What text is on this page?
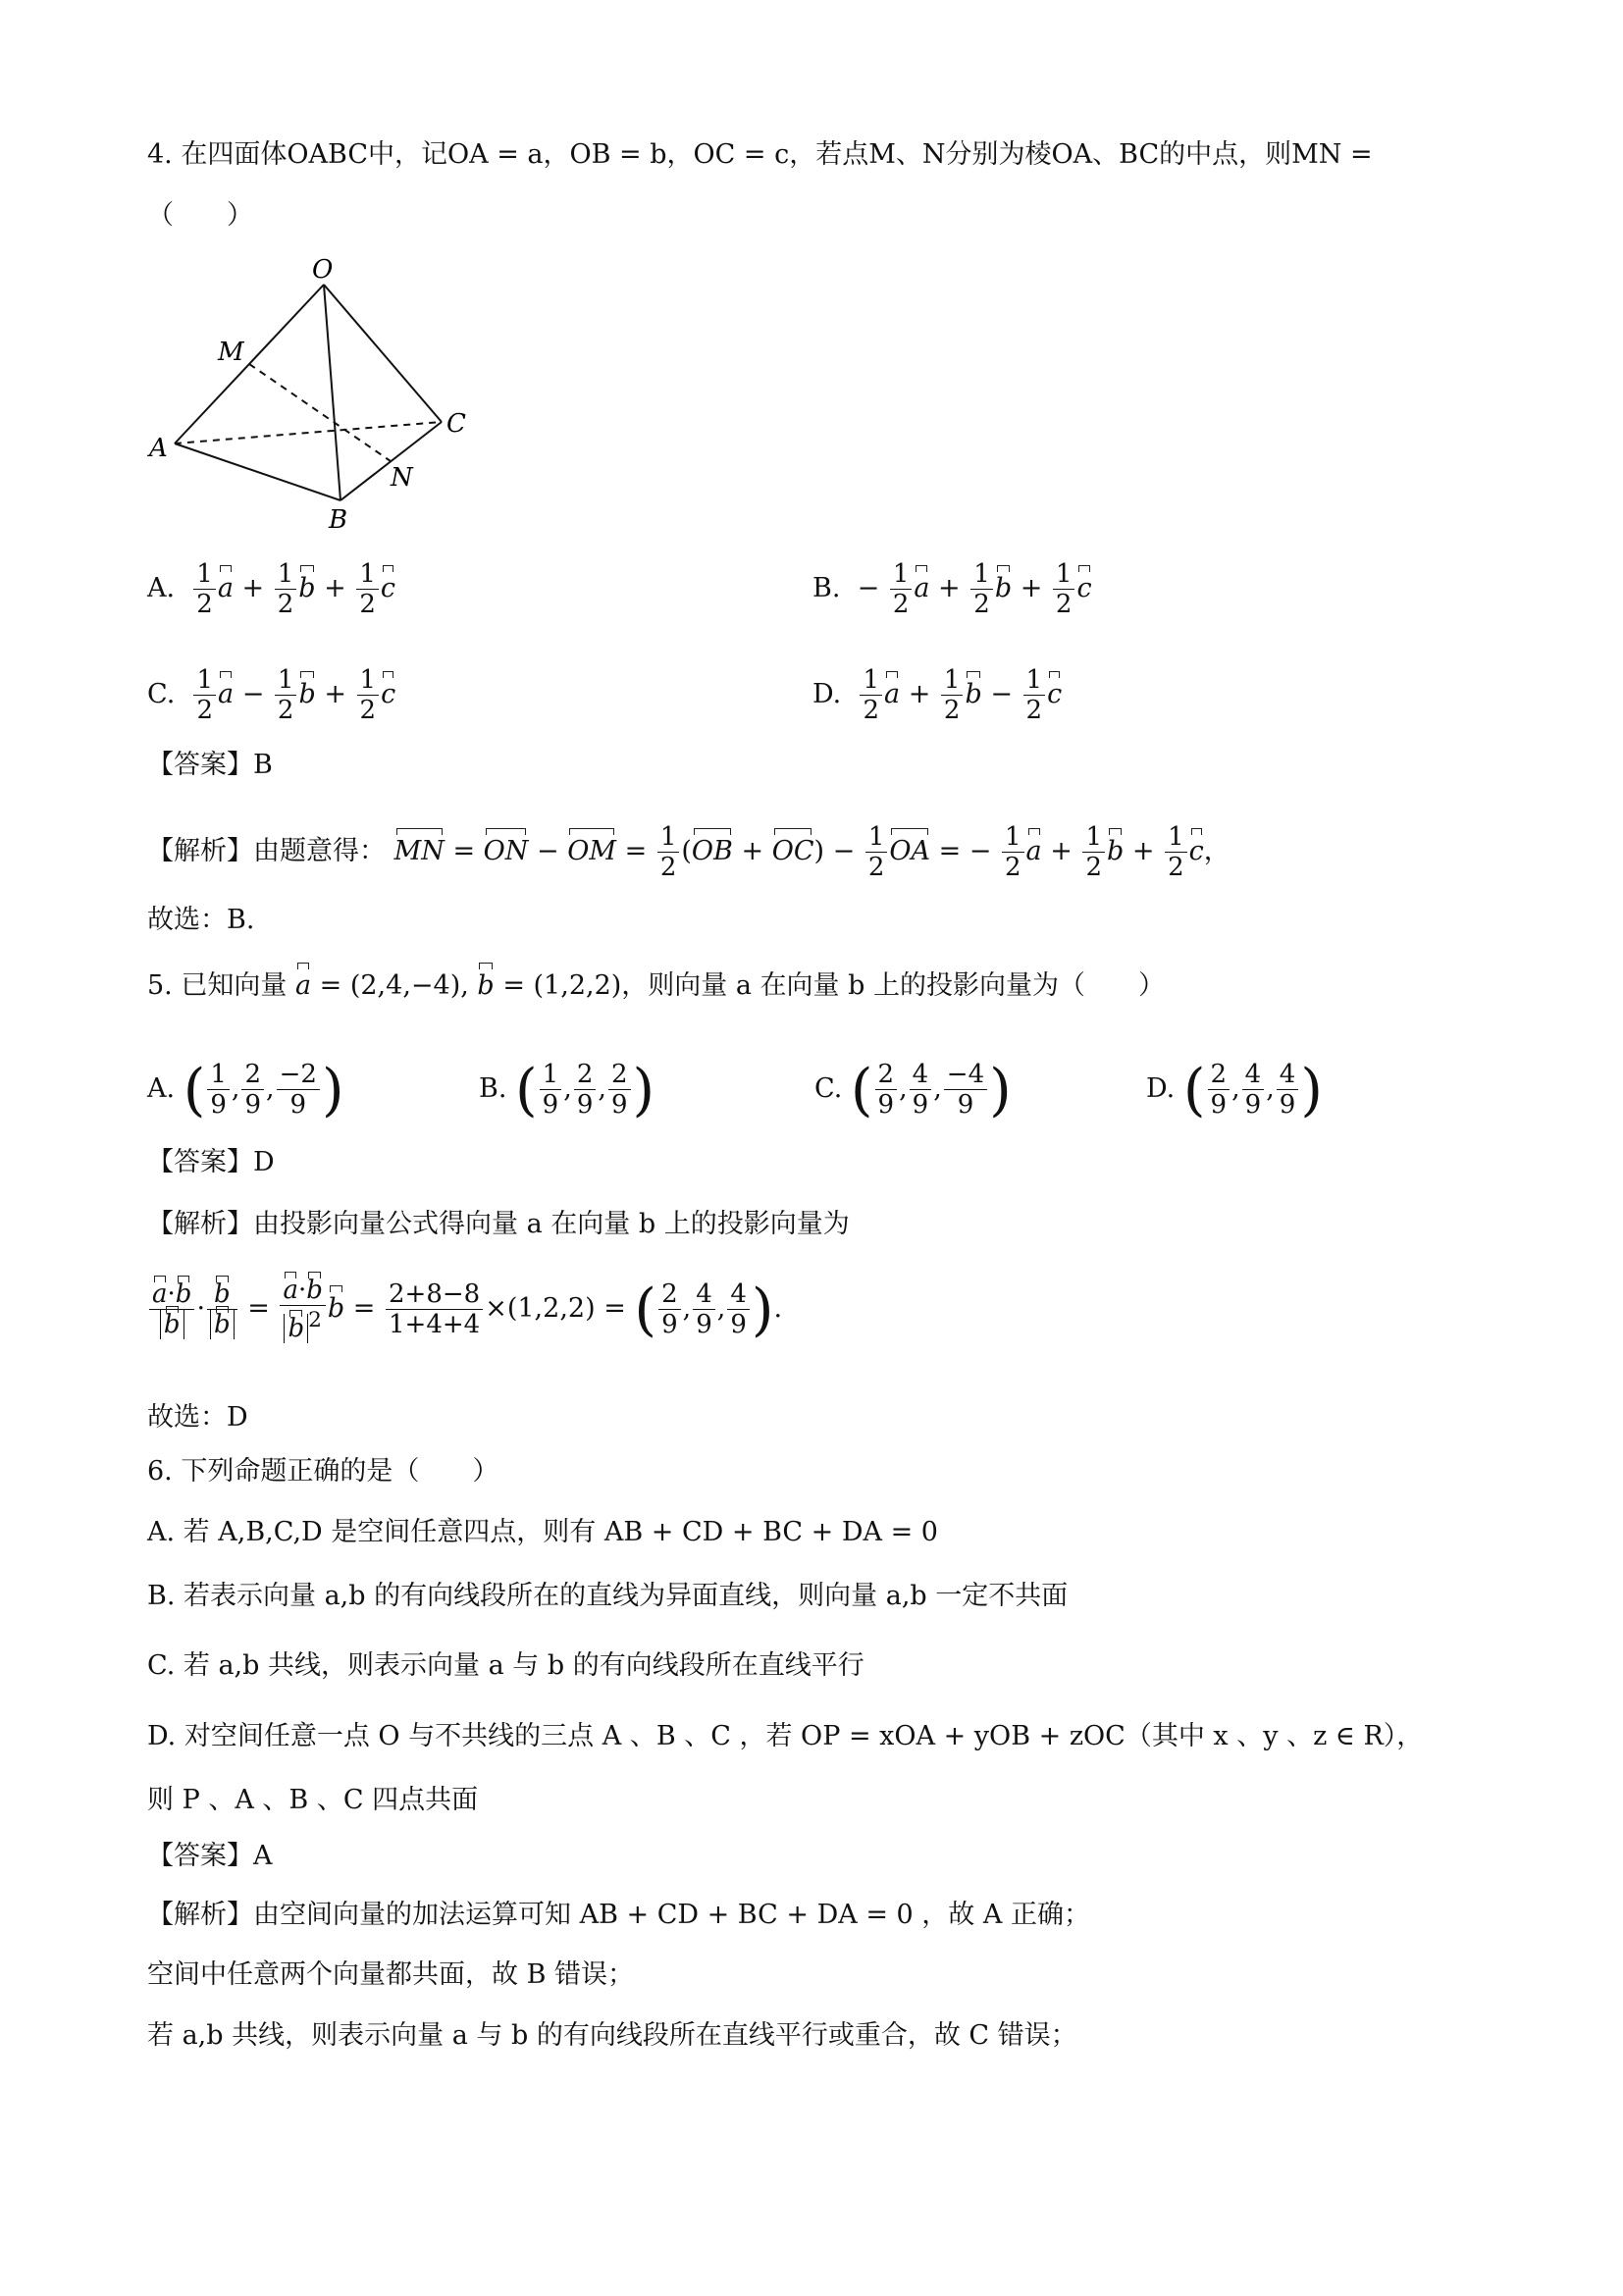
4. 在四面体OABC中，记OA = a，OB = b，OC = c，若点M、N分别为棱OA、BC的中点，则MN =
（　　）
O
A
B
C
M
N
A. $\frac{1}{2}$ $a + \frac{1}{2}$ $b + \frac{1}{2}$ c	B.  − $\frac{1}{2}$ $a + \frac{1}{2}$ $b + \frac{1}{2}$ c
C. $\frac{1}{2}$ $a - \frac{1}{2}$ $b + \frac{1}{2}$ c	D. $\frac{1}{2}$ $a + \frac{1}{2}$ $b - \frac{1}{2}$ c
【答案】B
【解析】由题意得： MN = ON − OM = $\frac{1}{2} (OB + OC) - \frac{1}{2}$ OA = − $\frac{1}{2}$ $a + \frac{1}{2}$ $b + \frac{1}{2}$ c，
故选：B.
5. 已知向量 a = (2,4,−4), b = (1,2,2)，则向量 a 在向量 b 上的投影向量为（　　）
A. ( $\frac{1}{9}$ , $\frac{2}{9}$ , $\frac{-2}{9}$ )	B. ( $\frac{1}{9}$ , $\frac{2}{9}$ , $\frac{2}{9}$ )	C. ( $\frac{2}{9}$ , $\frac{4}{9}$ , $\frac{-4}{9}$ )	D. ( $\frac{2}{9}$ , $\frac{4}{9}$ , $\frac{4}{9}$ )
【答案】D
【解析】由投影向量公式得向量 a 在向量 b 上的投影向量为
$\frac{a\cdot b}{b} \cdot \frac{b}{b} = \frac{a\cdot b}{b ^2}$ $b = \frac{2+8-8}{1+4+4} \times(1,2,2)$ = ( $\frac{2}{9}$ , $\frac{4}{9}$ , $\frac{4}{9}$ ).
故选：D
6. 下列命题正确的是（　　）
A. 若 A,B,C,D 是空间任意四点，则有 AB + CD + BC + DA = 0
B. 若表示向量 a,b 的有向线段所在的直线为异面直线，则向量 a,b 一定不共面
C. 若 a,b 共线，则表示向量 a 与 b 的有向线段所在直线平行
D. 对空间任意一点 O 与不共线的三点 A 、B 、C ，若 OP = xOA + yOB + zOC（其中 x 、y 、z ∈ R），
则 P 、A 、B 、C 四点共面
【答案】A
【解析】由空间向量的加法运算可知 AB + CD + BC + DA = 0 ，故 A 正确；
空间中任意两个向量都共面，故 B 错误；
若 a,b 共线，则表示向量 a 与 b 的有向线段所在直线平行或重合，故 C 错误；
